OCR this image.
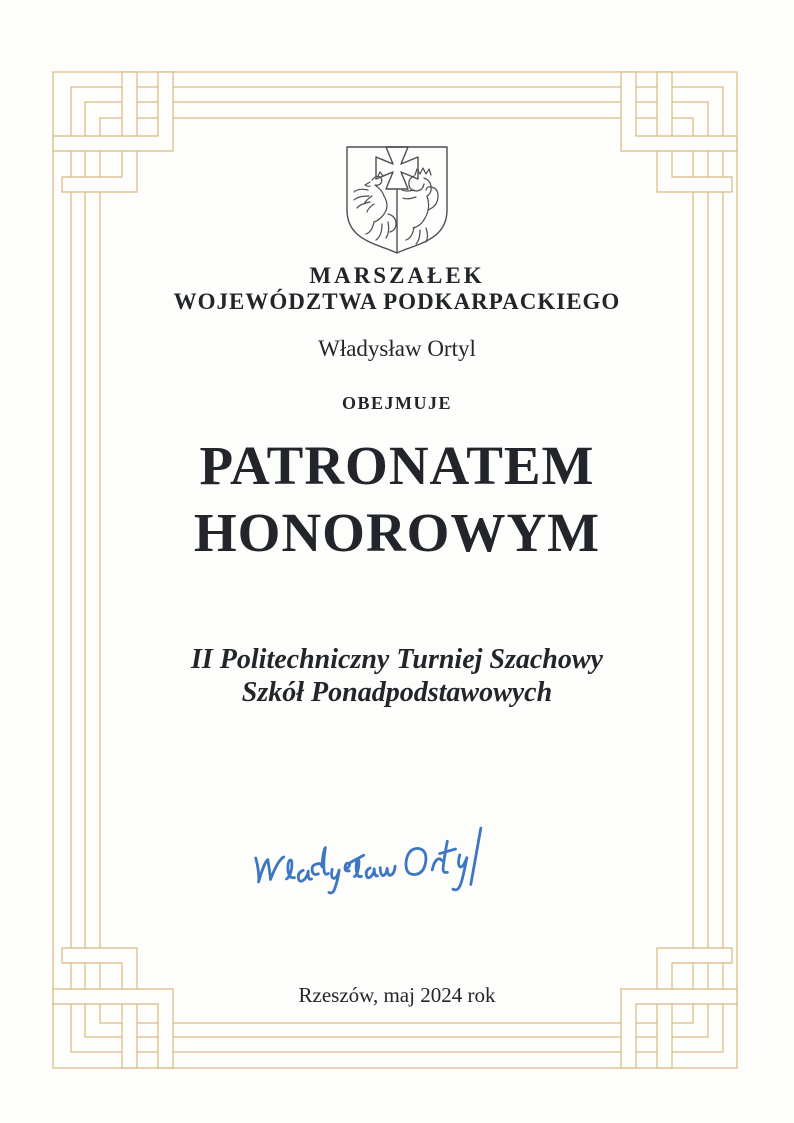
MARSZAŁEK
WOJEWÓDZTWA PODKARPACKIEGO
Władysław Ortyl
OBEJMUJE
PATRONATEM
HONOROWYM
II Politechniczny Turniej Szachowy
Szkół Ponadpodstawowych
Rzeszów, maj 2024 rok
